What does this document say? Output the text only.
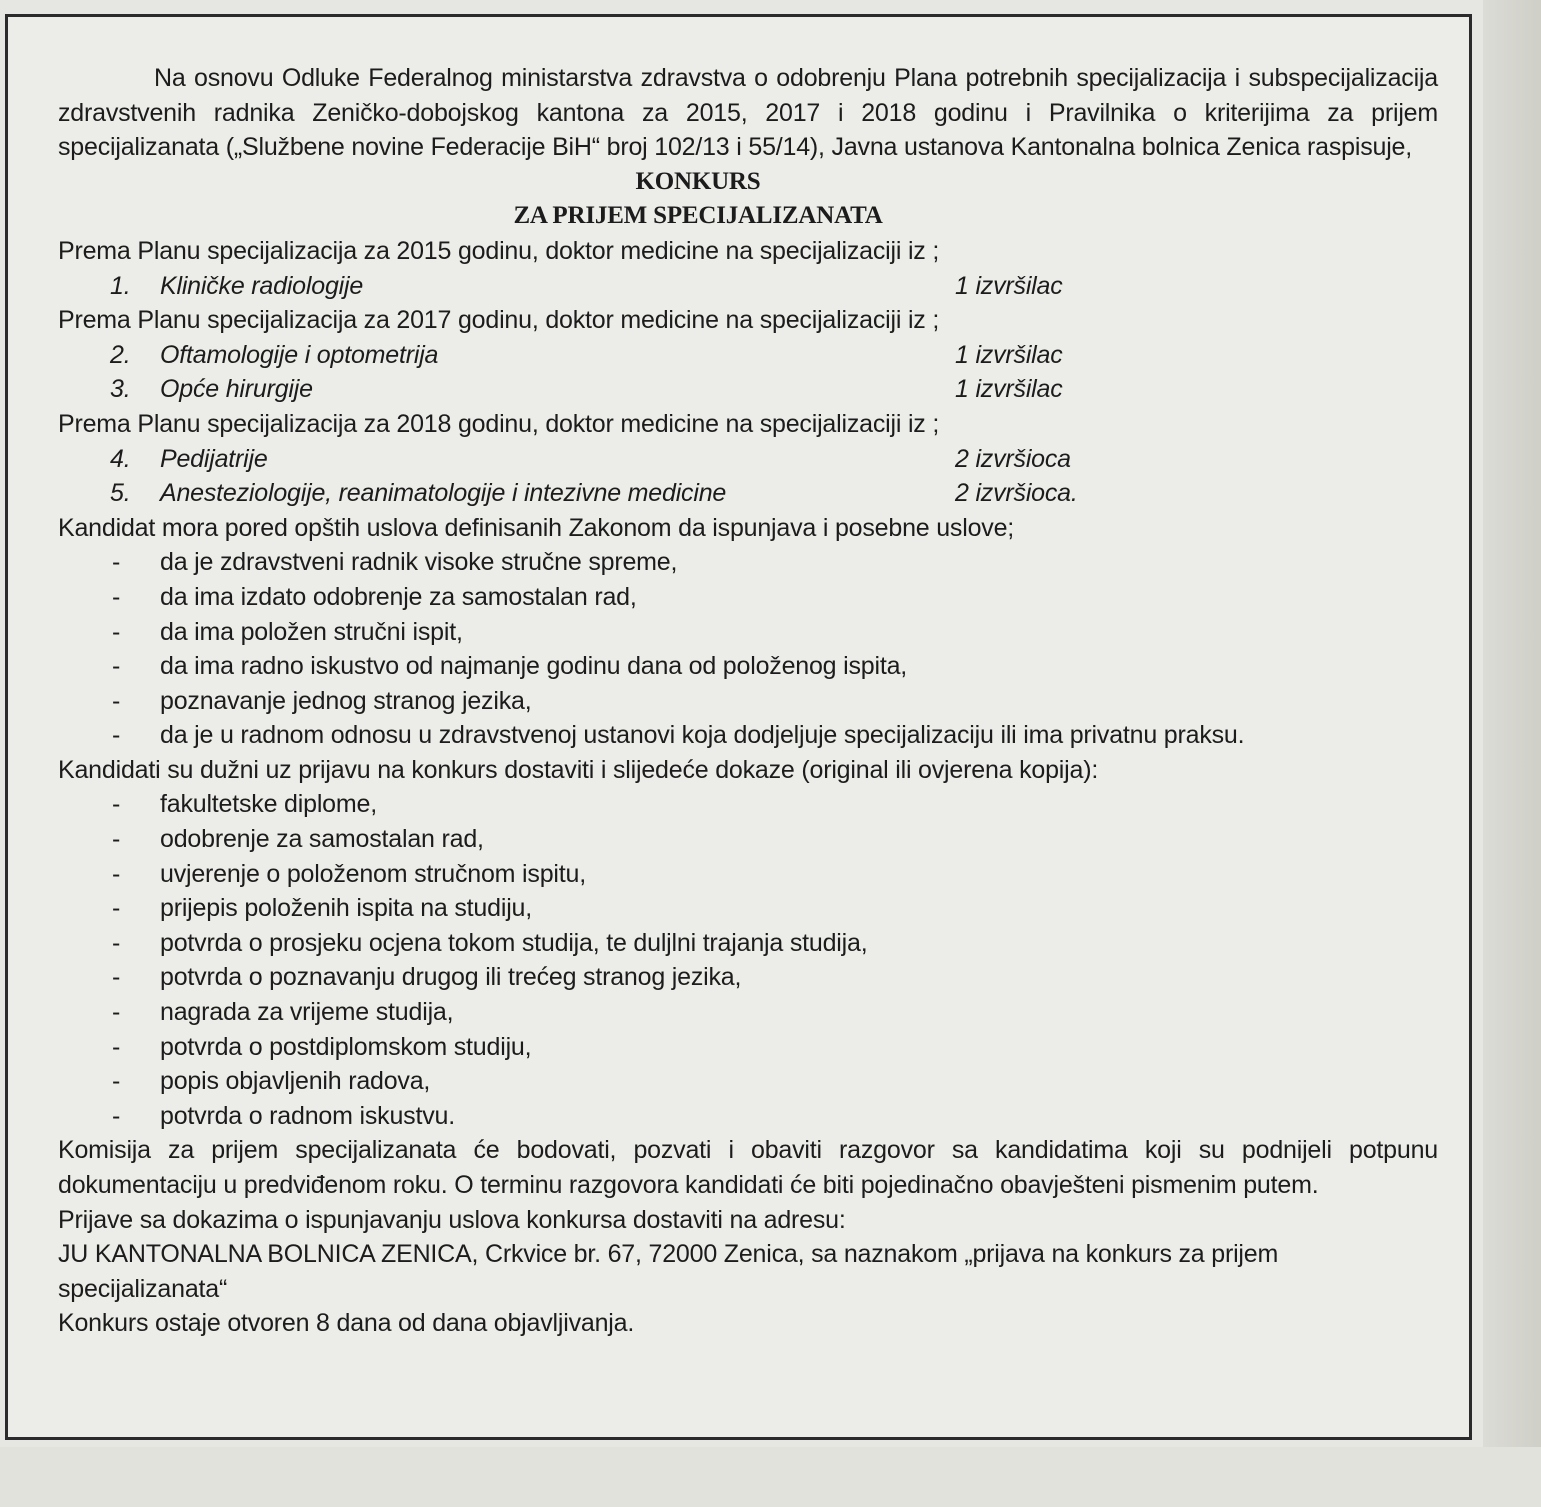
Na osnovu Odluke Federalnog ministarstva zdravstva o odobrenju Plana potrebnih specijalizacija i subspecijalizacija zdravstvenih radnika Zeničko-dobojskog kantona za 2015, 2017 i 2018 godinu i Pravilnika o kriterijima za prijem specijalizanata („Službene novine Federacije BiH“ broj 102/13 i 55/14), Javna ustanova Kantonalna bolnica Zenica raspisuje,

KONKURS

ZA PRIJEM SPECIJALIZANATA

Prema Planu specijalizacija za 2015 godinu, doktor medicine na specijalizaciji iz ;

1. Kliničke radiologije	1 izvršilac

Prema Planu specijalizacija za 2017 godinu, doktor medicine na specijalizaciji iz ;

2. Oftamologije i optometrija	1 izvršilac
3. Opće hirurgije	1 izvršilac

Prema Planu specijalizacija za 2018 godinu, doktor medicine na specijalizaciji iz ;

4. Pedijatrije	2 izvršioca
5. Anesteziologije, reanimatologije i intezivne medicine	2 izvršioca.

Kandidat mora pored opštih uslova definisanih Zakonom da ispunjava i posebne uslove;

- da je zdravstveni radnik visoke stručne spreme,
- da ima izdato odobrenje za samostalan rad,
- da ima položen stručni ispit,
- da ima radno iskustvo od najmanje godinu dana od položenog ispita,
- poznavanje jednog stranog jezika,
- da je u radnom odnosu u zdravstvenoj ustanovi koja dodjeljuje specijalizaciju ili ima privatnu praksu.

Kandidati su dužni uz prijavu na konkurs dostaviti i slijedeće dokaze (original ili ovjerena kopija):

- fakultetske diplome,
- odobrenje za samostalan rad,
- uvjerenje o položenom stručnom ispitu,
- prijepis položenih ispita na studiju,
- potvrda o prosjeku ocjena tokom studija, te duljlni trajanja studija,
- potvrda o poznavanju drugog ili trećeg stranog jezika,
- nagrada za vrijeme studija,
- potvrda o postdiplomskom studiju,
- popis objavljenih radova,
- potvrda o radnom iskustvu.

Komisija za prijem specijalizanata će bodovati, pozvati i obaviti razgovor sa kandidatima koji su podnijeli potpunu dokumentaciju u predviđenom roku. O terminu razgovora kandidati će biti pojedinačno obavješteni pismenim putem.

Prijave sa dokazima o ispunjavanju uslova konkursa dostaviti na adresu:

JU KANTONALNA BOLNICA ZENICA, Crkvice br. 67, 72000 Zenica, sa naznakom „prijava na konkurs za prijem specijalizanata“

Konkurs ostaje otvoren 8 dana od dana objavljivanja.
